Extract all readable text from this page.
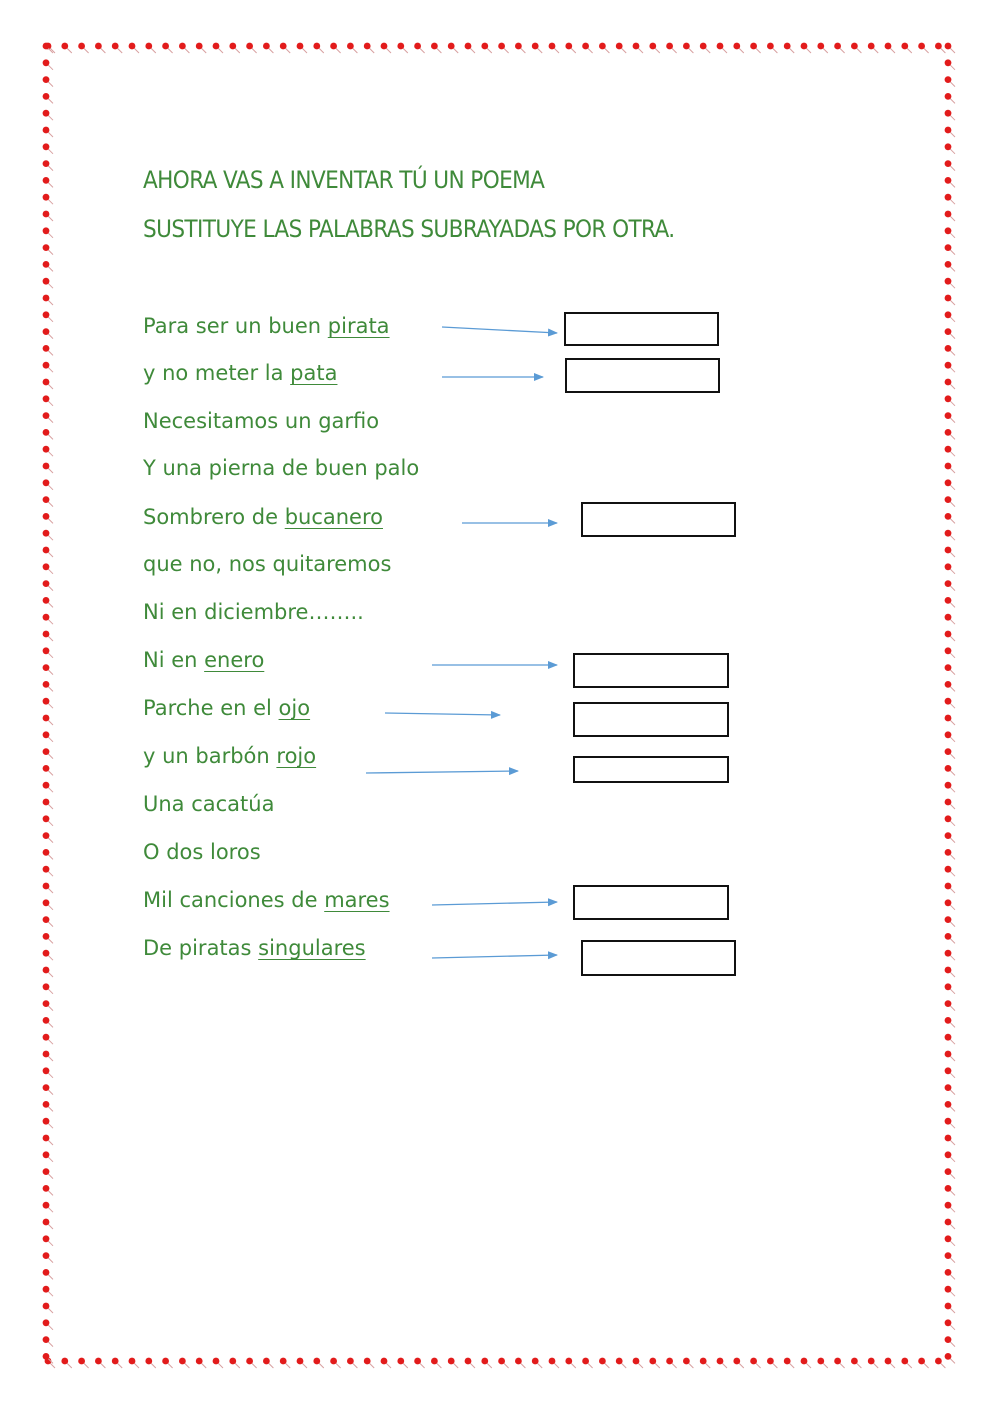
AHORA VAS A INVENTAR TÚ UN POEMA
SUSTITUYE LAS PALABRAS SUBRAYADAS POR OTRA.
Para ser un buen pirata
y no meter la pata
Necesitamos un garfio
Y una pierna de buen palo
Sombrero de bucanero
que no, nos quitaremos
Ni en diciembre……..
Ni en enero
Parche en el ojo
y un barbón rojo
Una cacatúa
O dos loros
Mil canciones de mares
De piratas singulares
